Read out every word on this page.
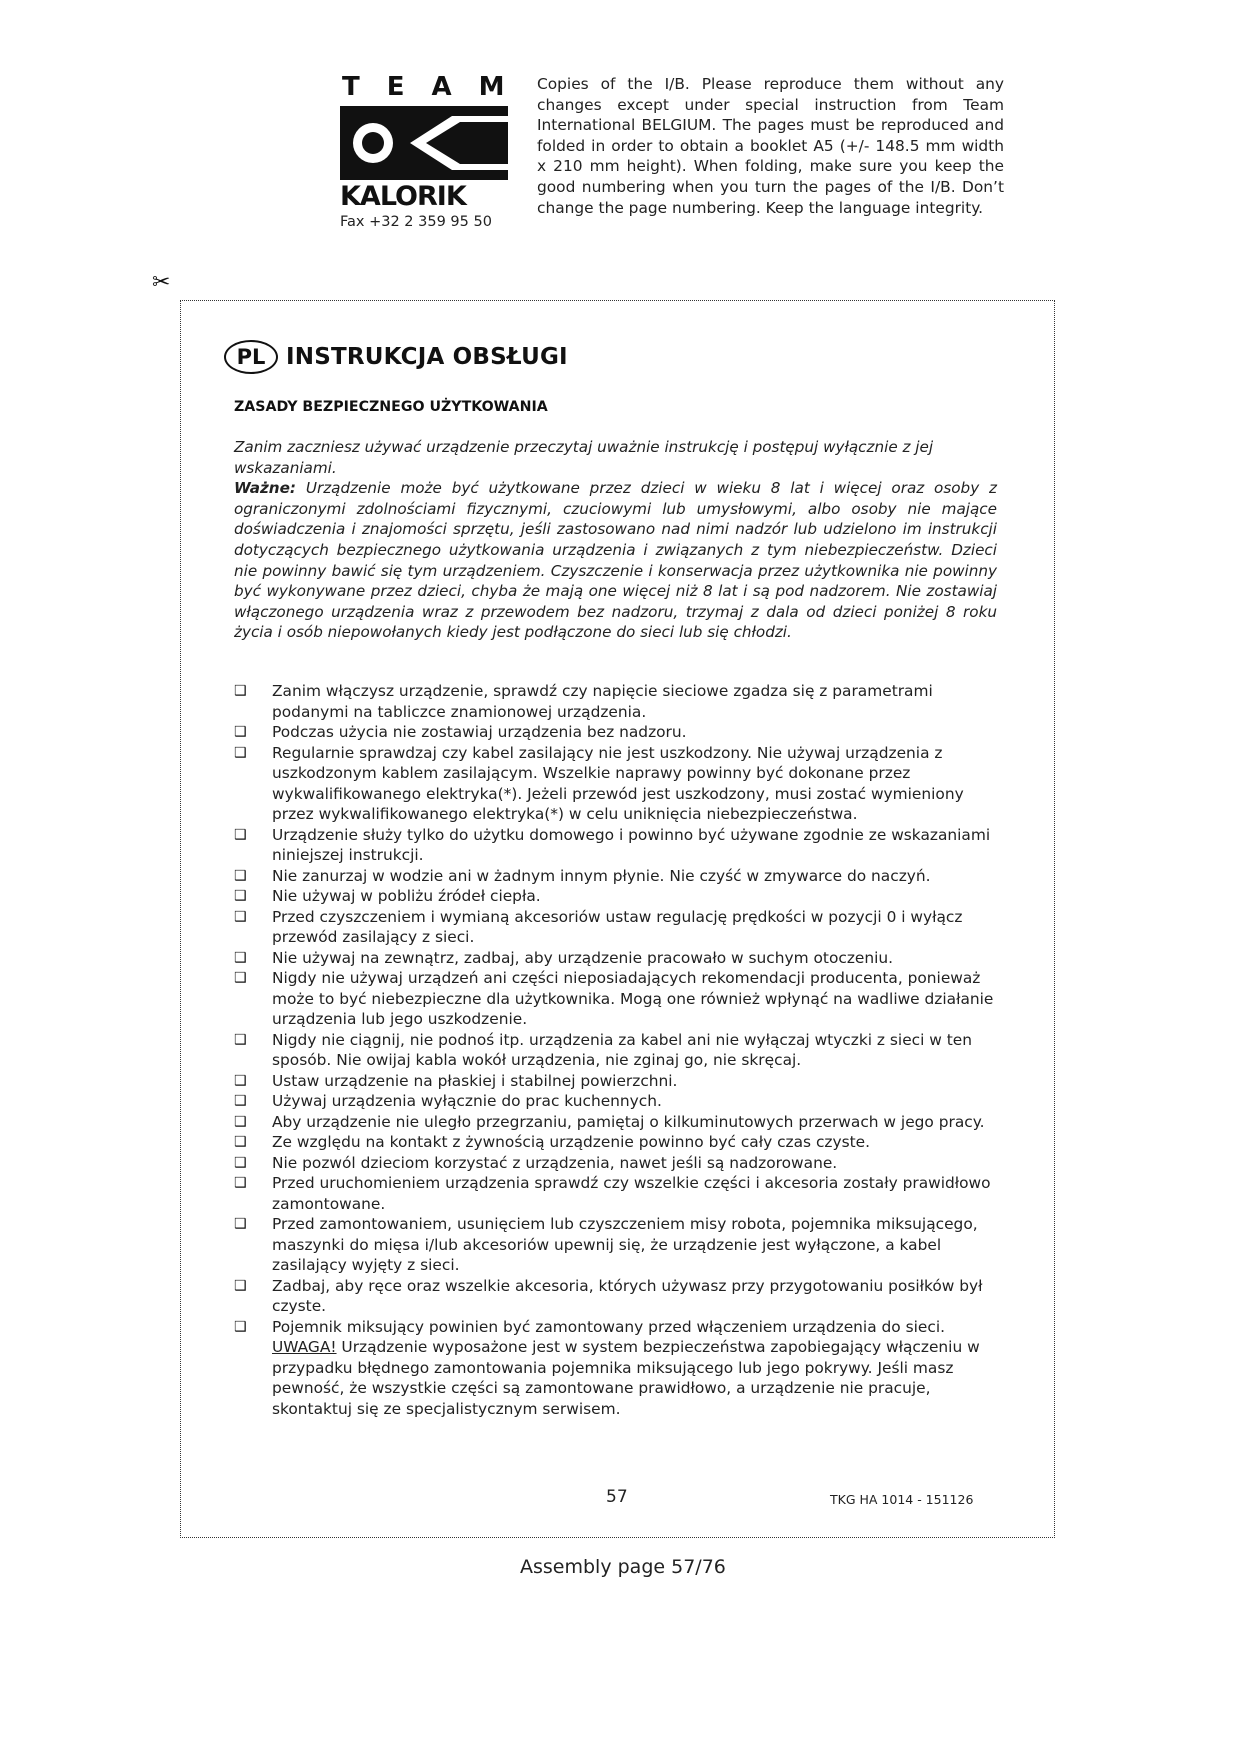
TEAM
KALORIK
Fax +32 2 359 95 50
Copies of the I/B. Please reproduce them without any changes except under special instruction from Team International BELGIUM. The pages must be reproduced and folded in order to obtain a booklet A5 (+/- 148.5 mm width x 210 mm height). When folding, make sure you keep the good numbering when you turn the pages of the I/B. Don’t change the page numbering. Keep the language integrity.
✂
PL INSTRUKCJA OBSŁUGI
ZASADY BEZPIECZNEGO UŻYTKOWANIA

Zanim zaczniesz używać urządzenie przeczytaj uważnie instrukcję i postępuj wyłącznie z jej wskazaniami.

Ważne: Urządzenie może być użytkowane przez dzieci w wieku 8 lat i więcej oraz osoby z ograniczonymi zdolnościami fizycznymi, czuciowymi lub umysłowymi, albo osoby nie mające doświadczenia i znajomości sprzętu, jeśli zastosowano nad nimi nadzór lub udzielono im instrukcji dotyczących bezpiecznego użytkowania urządzenia i związanych z tym niebezpieczeństw. Dzieci nie powinny bawić się tym urządzeniem. Czyszczenie i konserwacja przez użytkownika nie powinny być wykonywane przez dzieci, chyba że mają one więcej niż 8 lat i są pod nadzorem. Nie zostawiaj włączonego urządzenia wraz z przewodem bez nadzoru, trzymaj z dala od dzieci poniżej 8 roku życia i osób niepowołanych kiedy jest podłączone do sieci lub się chłodzi.

❑	Zanim włączysz urządzenie, sprawdź czy napięcie sieciowe zgadza się z parametrami podanymi na tabliczce znamionowej urządzenia.
❑	Podczas użycia nie zostawiaj urządzenia bez nadzoru.
❑	Regularnie sprawdzaj czy kabel zasilający nie jest uszkodzony. Nie używaj urządzenia z uszkodzonym kablem zasilającym. Wszelkie naprawy powinny być dokonane przez wykwalifikowanego elektryka(*). Jeżeli przewód jest uszkodzony, musi zostać wymieniony przez wykwalifikowanego elektryka(*) w celu uniknięcia niebezpieczeństwa.
❑	Urządzenie służy tylko do użytku domowego i powinno być używane zgodnie ze wskazaniami niniejszej instrukcji.
❑	Nie zanurzaj w wodzie ani w żadnym innym płynie. Nie czyść w zmywarce do naczyń.
❑	Nie używaj w pobliżu źródeł ciepła.
❑	Przed czyszczeniem i wymianą akcesoriów ustaw regulację prędkości w pozycji 0 i wyłącz przewód zasilający z sieci.
❑	Nie używaj na zewnątrz, zadbaj, aby urządzenie pracowało w suchym otoczeniu.
❑	Nigdy nie używaj urządzeń ani części nieposiadających rekomendacji producenta, ponieważ może to być niebezpieczne dla użytkownika. Mogą one również wpłynąć na wadliwe działanie urządzenia lub jego uszkodzenie.
❑	Nigdy nie ciągnij, nie podnoś itp. urządzenia za kabel ani nie wyłączaj wtyczki z sieci w ten sposób. Nie owijaj kabla wokół urządzenia, nie zginaj go, nie skręcaj.
❑	Ustaw urządzenie na płaskiej i stabilnej powierzchni.
❑	Używaj urządzenia wyłącznie do prac kuchennych.
❑	Aby urządzenie nie uległo przegrzaniu, pamiętaj o kilkuminutowych przerwach w jego pracy.
❑	Ze względu na kontakt z żywnością urządzenie powinno być cały czas czyste.
❑	Nie pozwól dzieciom korzystać z urządzenia, nawet jeśli są nadzorowane.
❑	Przed uruchomieniem urządzenia sprawdź czy wszelkie części i akcesoria zostały prawidłowo zamontowane.
❑	Przed zamontowaniem, usunięciem lub czyszczeniem misy robota, pojemnika miksującego, maszynki do mięsa i/lub akcesoriów upewnij się, że urządzenie jest wyłączone, a kabel zasilający wyjęty z sieci.
❑	Zadbaj, aby ręce oraz wszelkie akcesoria, których używasz przy przygotowaniu posiłków był czyste.
❑	Pojemnik miksujący powinien być zamontowany przed włączeniem urządzenia do sieci.
UWAGA! Urządzenie wyposażone jest w system bezpieczeństwa zapobiegający włączeniu w przypadku błędnego zamontowania pojemnika miksującego lub jego pokrywy. Jeśli masz pewność, że wszystkie części są zamontowane prawidłowo, a urządzenie nie pracuje, skontaktuj się ze specjalistycznym serwisem.
57	TKG HA 1014 - 151126
Assembly page 57/76
